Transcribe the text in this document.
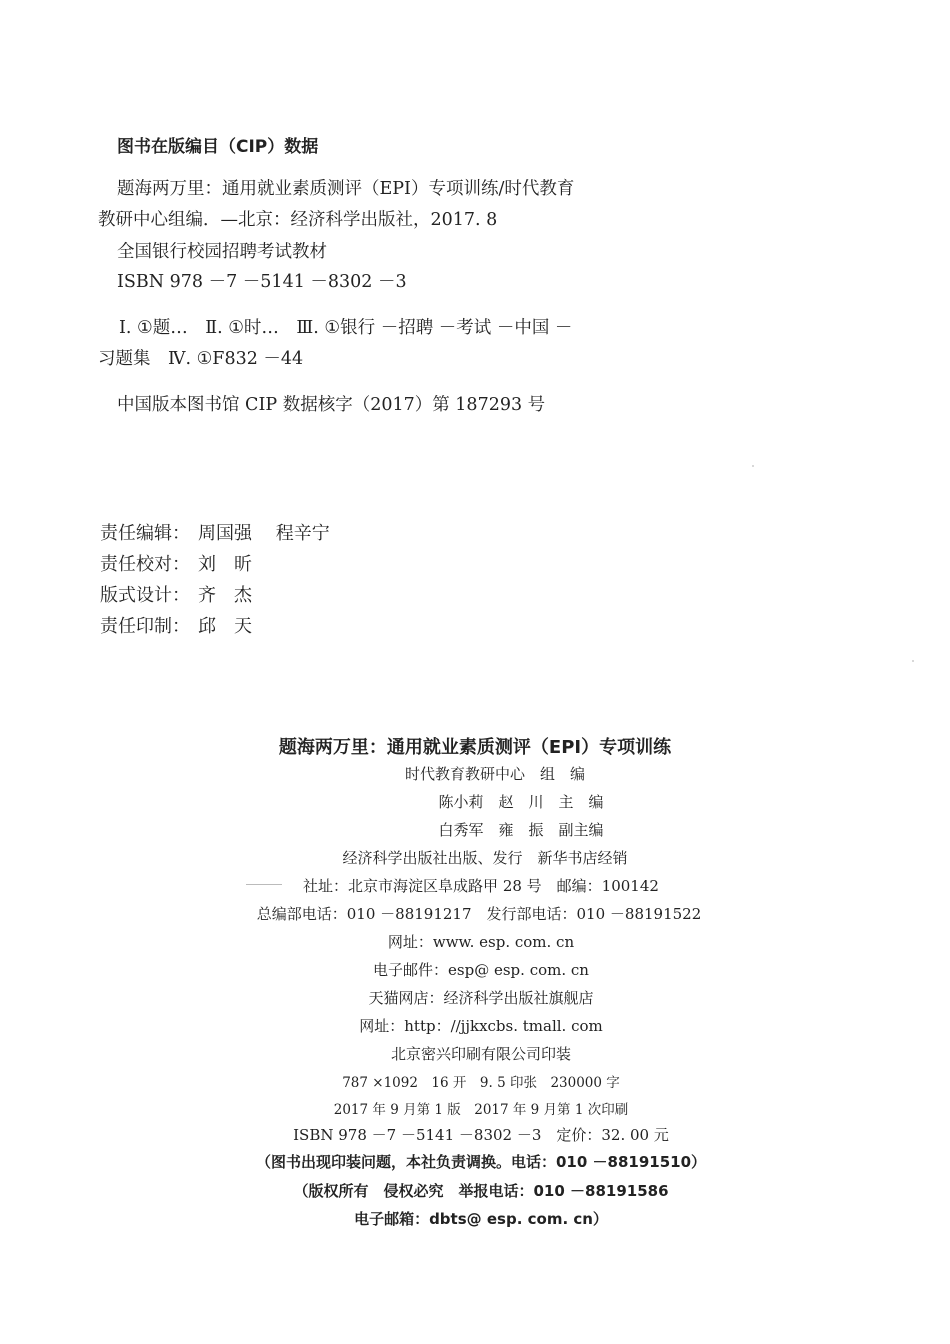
图书在版编目（CIP）数据
题海两万里：通用就业素质测评（EPI）专项训练/时代教育
教研中心组编．—北京：经济科学出版社，2017. 8
全国银行校园招聘考试教材
ISBN 978 －7 －5141 －8302 －3
Ⅰ. ①题…　Ⅱ. ①时…　Ⅲ. ①银行 －招聘 －考试 －中国 －
习题集　Ⅳ. ①F832 －44
中国版本图书馆 CIP 数据核字（2017）第 187293 号
责任编辑： 周国强　 程辛宁
责任校对： 刘　昕
版式设计： 齐　杰
责任印制： 邱　天
题海两万里：通用就业素质测评（EPI）专项训练
时代教育教研中心　组　编
陈小莉　赵　川　主　编
白秀军　雍　振　副主编
经济科学出版社出版、发行　新华书店经销
社址：北京市海淀区阜成路甲 28 号　邮编：100142
总编部电话：010 －88191217　发行部电话：010 －88191522
网址：www. esp. com. cn
电子邮件：esp@ esp. com. cn
天猫网店：经济科学出版社旗舰店
网址：http：//jjkxcbs. tmall. com
北京密兴印刷有限公司印装
787 ×1092　16 开　9. 5 印张　230000 字
2017 年 9 月第 1 版　2017 年 9 月第 1 次印刷
ISBN 978 －7 －5141 －8302 －3　定价：32. 00 元
（图书出现印装问题，本社负责调换。电话：010 －88191510）
（版权所有　侵权必究　举报电话：010 －88191586
电子邮箱：dbts@ esp. com. cn）
